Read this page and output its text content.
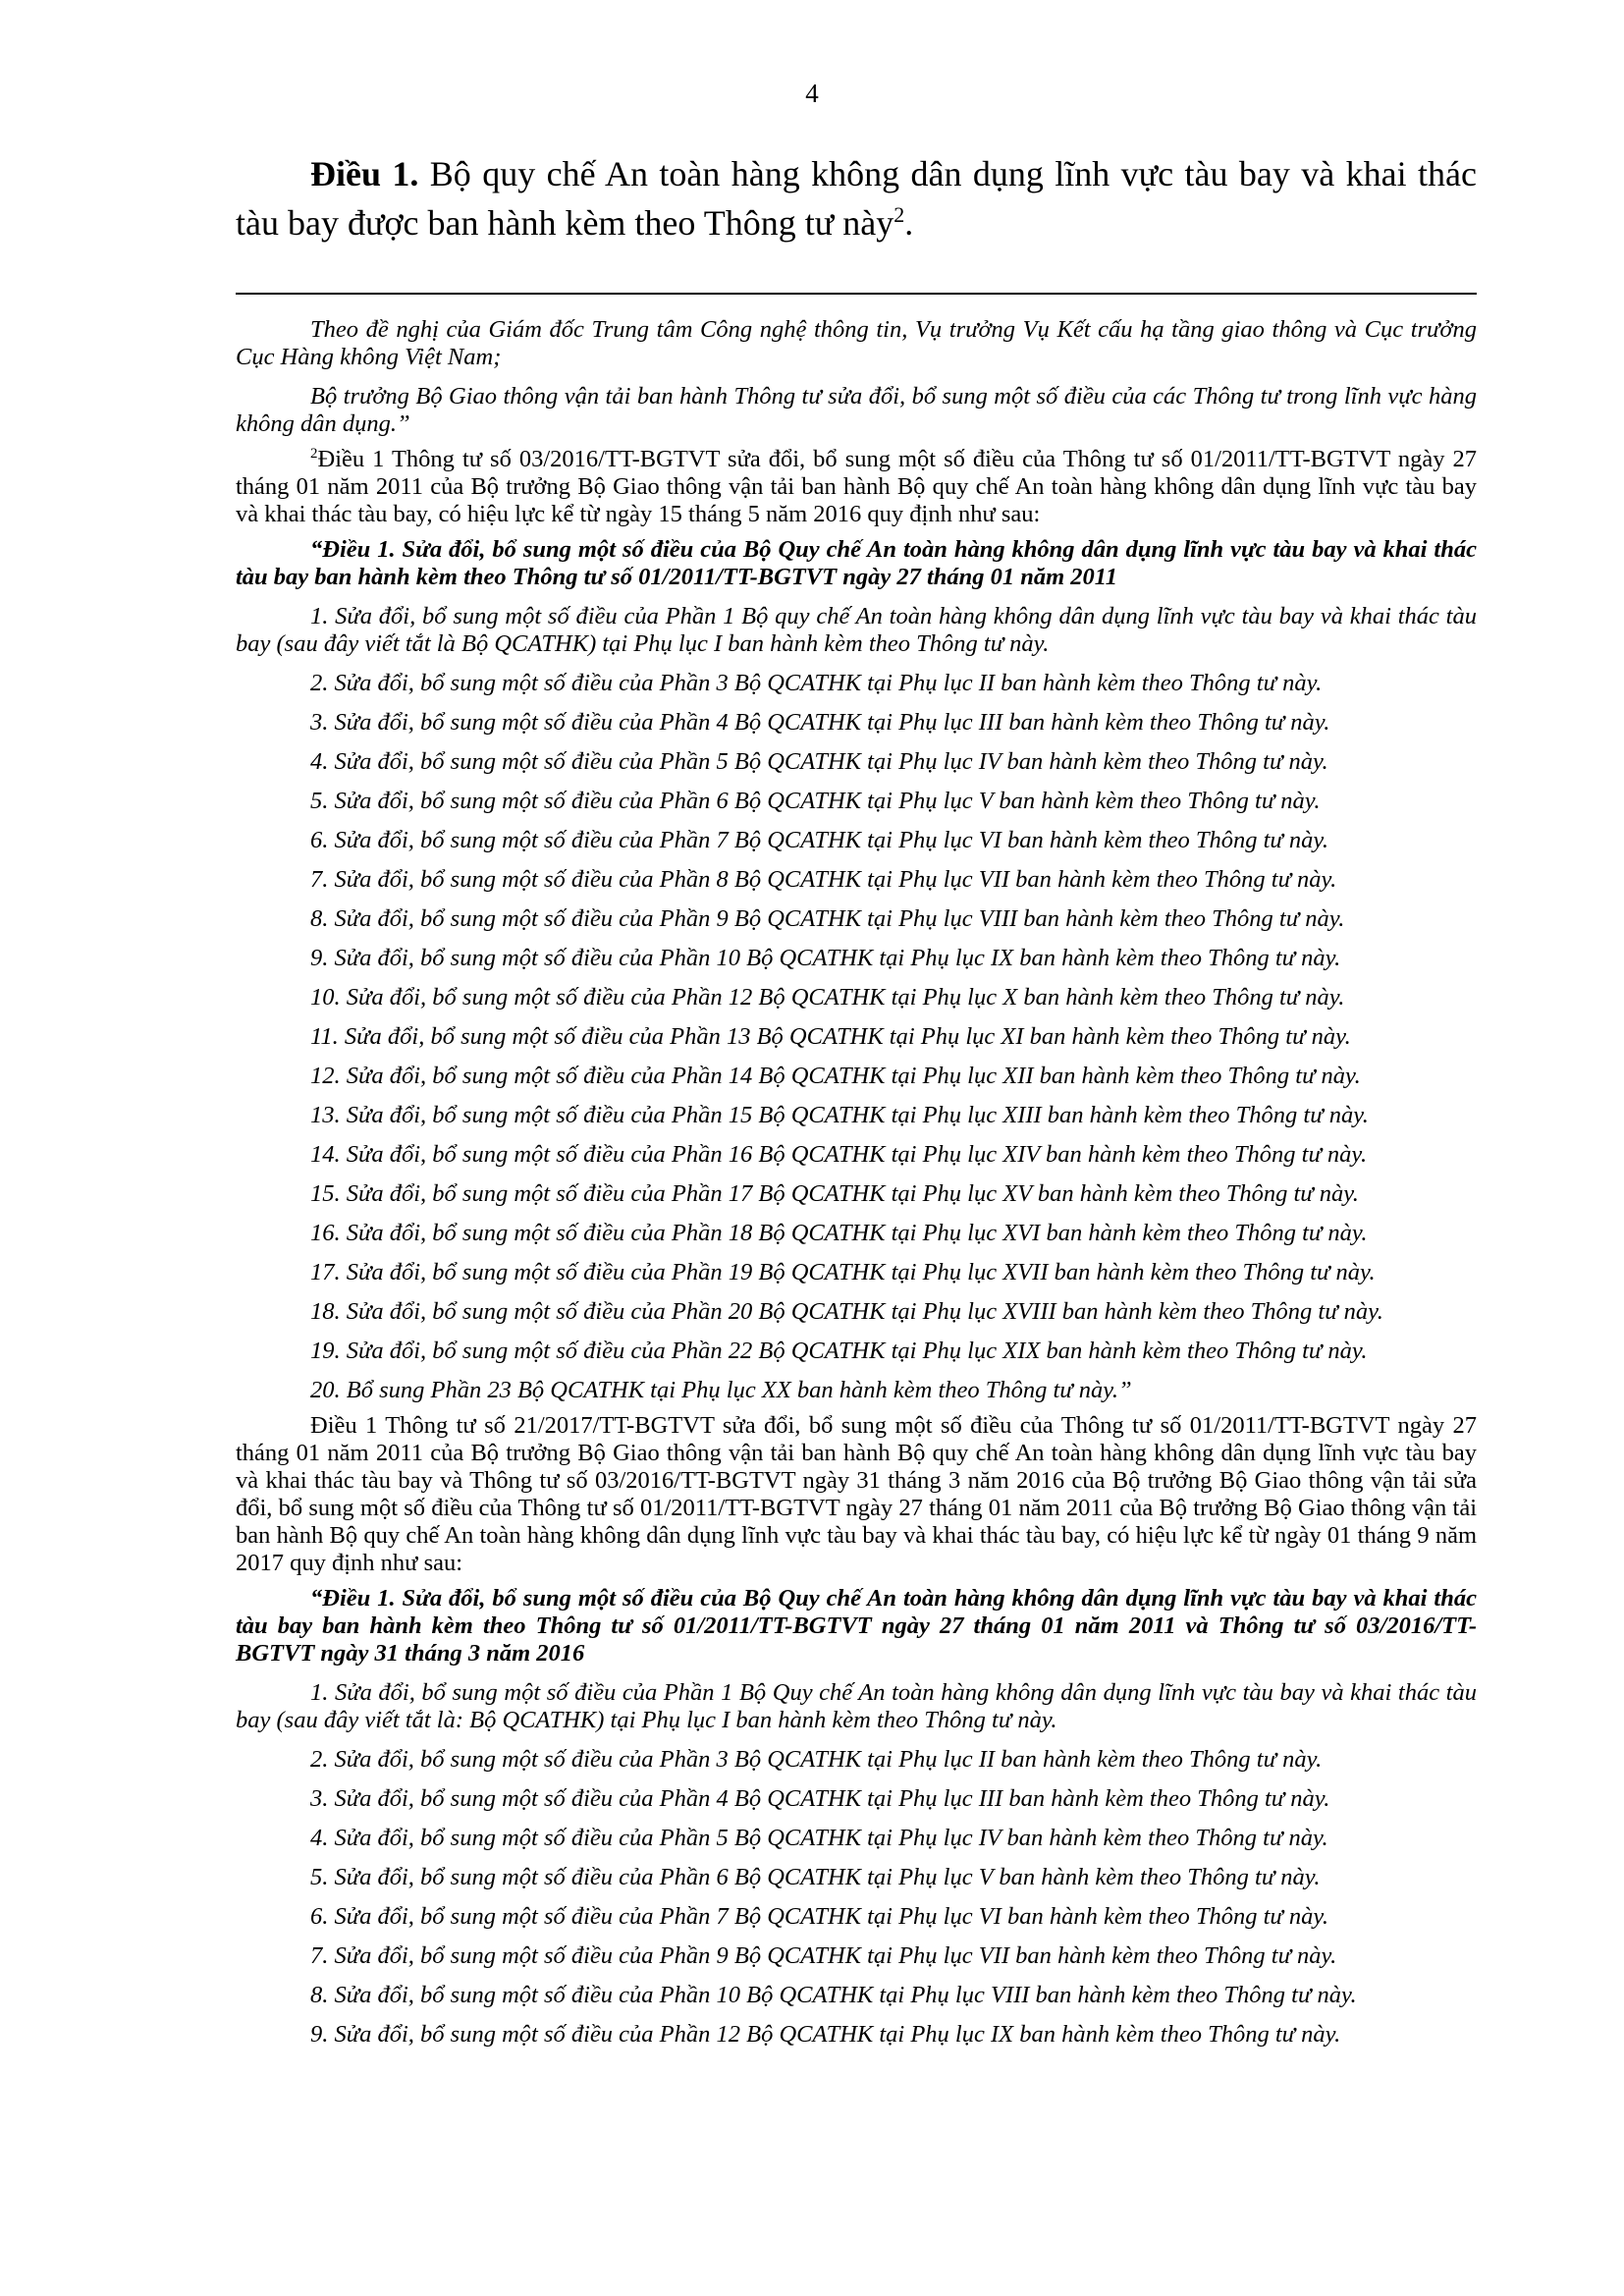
4

Điều 1. Bộ quy chế An toàn hàng không dân dụng lĩnh vực tàu bay và khai thác tàu bay được ban hành kèm theo Thông tư này$^2$.

Theo đề nghị của Giám đốc Trung tâm Công nghệ thông tin, Vụ trưởng Vụ Kết cấu hạ tầng giao thông và Cục trưởng Cục Hàng không Việt Nam;

Bộ trưởng Bộ Giao thông vận tải ban hành Thông tư sửa đổi, bổ sung một số điều của các Thông tư trong lĩnh vực hàng không dân dụng.”

$^2$Điều 1 Thông tư số 03/2016/TT-BGTVT sửa đổi, bổ sung một số điều của Thông tư số 01/2011/TT-BGTVT ngày 27 tháng 01 năm 2011 của Bộ trưởng Bộ Giao thông vận tải ban hành Bộ quy chế An toàn hàng không dân dụng lĩnh vực tàu bay và khai thác tàu bay, có hiệu lực kể từ ngày 15 tháng 5 năm 2016 quy định như sau:

“Điều 1. Sửa đổi, bổ sung một số điều của Bộ Quy chế An toàn hàng không dân dụng lĩnh vực tàu bay và khai thác tàu bay ban hành kèm theo Thông tư số 01/2011/TT-BGTVT ngày 27 tháng 01 năm 2011

1. Sửa đổi, bổ sung một số điều của Phần 1 Bộ quy chế An toàn hàng không dân dụng lĩnh vực tàu bay và khai thác tàu bay (sau đây viết tắt là Bộ QCATHK) tại Phụ lục I ban hành kèm theo Thông tư này.

2. Sửa đổi, bổ sung một số điều của Phần 3 Bộ QCATHK tại Phụ lục II ban hành kèm theo Thông tư này.

3. Sửa đổi, bổ sung một số điều của Phần 4 Bộ QCATHK tại Phụ lục III ban hành kèm theo Thông tư này.

4. Sửa đổi, bổ sung một số điều của Phần 5 Bộ QCATHK tại Phụ lục IV ban hành kèm theo Thông tư này.

5. Sửa đổi, bổ sung một số điều của Phần 6 Bộ QCATHK tại Phụ lục V ban hành kèm theo Thông tư này.

6. Sửa đổi, bổ sung một số điều của Phần 7 Bộ QCATHK tại Phụ lục VI ban hành kèm theo Thông tư này.

7. Sửa đổi, bổ sung một số điều của Phần 8 Bộ QCATHK tại Phụ lục VII ban hành kèm theo Thông tư này.

8. Sửa đổi, bổ sung một số điều của Phần 9 Bộ QCATHK tại Phụ lục VIII ban hành kèm theo Thông tư này.

9. Sửa đổi, bổ sung một số điều của Phần 10 Bộ QCATHK tại Phụ lục IX ban hành kèm theo Thông tư này.

10. Sửa đổi, bổ sung một số điều của Phần 12 Bộ QCATHK tại Phụ lục X ban hành kèm theo Thông tư này.

11. Sửa đổi, bổ sung một số điều của Phần 13 Bộ QCATHK tại Phụ lục XI ban hành kèm theo Thông tư này.

12. Sửa đổi, bổ sung một số điều của Phần 14 Bộ QCATHK tại Phụ lục XII ban hành kèm theo Thông tư này.

13. Sửa đổi, bổ sung một số điều của Phần 15 Bộ QCATHK tại Phụ lục XIII ban hành kèm theo Thông tư này.

14. Sửa đổi, bổ sung một số điều của Phần 16 Bộ QCATHK tại Phụ lục XIV ban hành kèm theo Thông tư này.

15. Sửa đổi, bổ sung một số điều của Phần 17 Bộ QCATHK tại Phụ lục XV ban hành kèm theo Thông tư này.

16. Sửa đổi, bổ sung một số điều của Phần 18 Bộ QCATHK tại Phụ lục XVI ban hành kèm theo Thông tư này.

17. Sửa đổi, bổ sung một số điều của Phần 19 Bộ QCATHK tại Phụ lục XVII ban hành kèm theo Thông tư này.

18. Sửa đổi, bổ sung một số điều của Phần 20 Bộ QCATHK tại Phụ lục XVIII ban hành kèm theo Thông tư này.

19. Sửa đổi, bổ sung một số điều của Phần 22 Bộ QCATHK tại Phụ lục XIX ban hành kèm theo Thông tư này.

20. Bổ sung Phần 23 Bộ QCATHK tại Phụ lục XX ban hành kèm theo Thông tư này.”

Điều 1 Thông tư số 21/2017/TT-BGTVT sửa đổi, bổ sung một số điều của Thông tư số 01/2011/TT-BGTVT ngày 27 tháng 01 năm 2011 của Bộ trưởng Bộ Giao thông vận tải ban hành Bộ quy chế An toàn hàng không dân dụng lĩnh vực tàu bay và khai thác tàu bay và Thông tư số 03/2016/TT-BGTVT ngày 31 tháng 3 năm 2016 của Bộ trưởng Bộ Giao thông vận tải sửa đổi, bổ sung một số điều của Thông tư số 01/2011/TT-BGTVT ngày 27 tháng 01 năm 2011 của Bộ trưởng Bộ Giao thông vận tải ban hành Bộ quy chế An toàn hàng không dân dụng lĩnh vực tàu bay và khai thác tàu bay, có hiệu lực kể từ ngày 01 tháng 9 năm 2017 quy định như sau:

“Điều 1. Sửa đổi, bổ sung một số điều của Bộ Quy chế An toàn hàng không dân dụng lĩnh vực tàu bay và khai thác tàu bay ban hành kèm theo Thông tư số 01/2011/TT-BGTVT ngày 27 tháng 01 năm 2011 và Thông tư số 03/2016/TT-BGTVT ngày 31 tháng 3 năm 2016

1. Sửa đổi, bổ sung một số điều của Phần 1 Bộ Quy chế An toàn hàng không dân dụng lĩnh vực tàu bay và khai thác tàu bay (sau đây viết tắt là: Bộ QCATHK) tại Phụ lục I ban hành kèm theo Thông tư này.

2. Sửa đổi, bổ sung một số điều của Phần 3 Bộ QCATHK tại Phụ lục II ban hành kèm theo Thông tư này.

3. Sửa đổi, bổ sung một số điều của Phần 4 Bộ QCATHK tại Phụ lục III ban hành kèm theo Thông tư này.

4. Sửa đổi, bổ sung một số điều của Phần 5 Bộ QCATHK tại Phụ lục IV ban hành kèm theo Thông tư này.

5. Sửa đổi, bổ sung một số điều của Phần 6 Bộ QCATHK tại Phụ lục V ban hành kèm theo Thông tư này.

6. Sửa đổi, bổ sung một số điều của Phần 7 Bộ QCATHK tại Phụ lục VI ban hành kèm theo Thông tư này.

7. Sửa đổi, bổ sung một số điều của Phần 9 Bộ QCATHK tại Phụ lục VII ban hành kèm theo Thông tư này.

8. Sửa đổi, bổ sung một số điều của Phần 10 Bộ QCATHK tại Phụ lục VIII ban hành kèm theo Thông tư này.

9. Sửa đổi, bổ sung một số điều của Phần 12 Bộ QCATHK tại Phụ lục IX ban hành kèm theo Thông tư này.
